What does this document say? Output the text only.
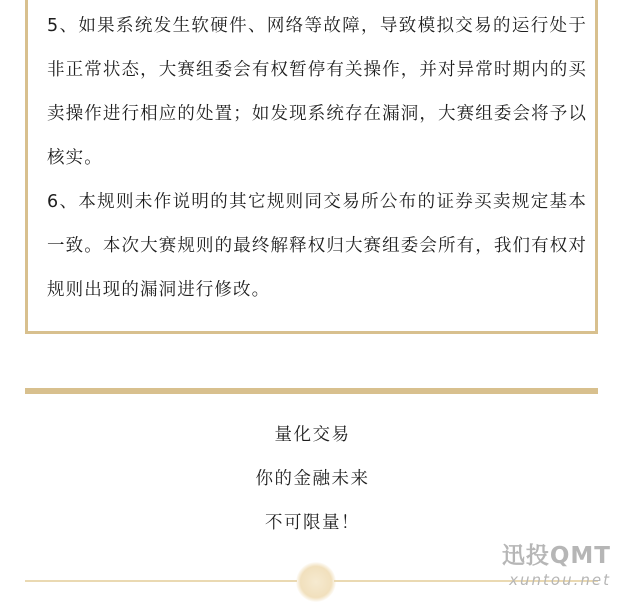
5、如果系统发生软硬件、网络等故障，导致模拟交易的运行处于非正常状态，大赛组委会有权暂停有关操作，并对异常时期内的买卖操作进行相应的处置；如发现系统存在漏洞，大赛组委会将予以核实。

6、本规则未作说明的其它规则同交易所公布的证券买卖规定基本一致。本次大赛规则的最终解释权归大赛组委会所有，我们有权对规则出现的漏洞进行修改。

量化交易
你的金融未来
不可限量！
迅投QMT
xuntou.net
